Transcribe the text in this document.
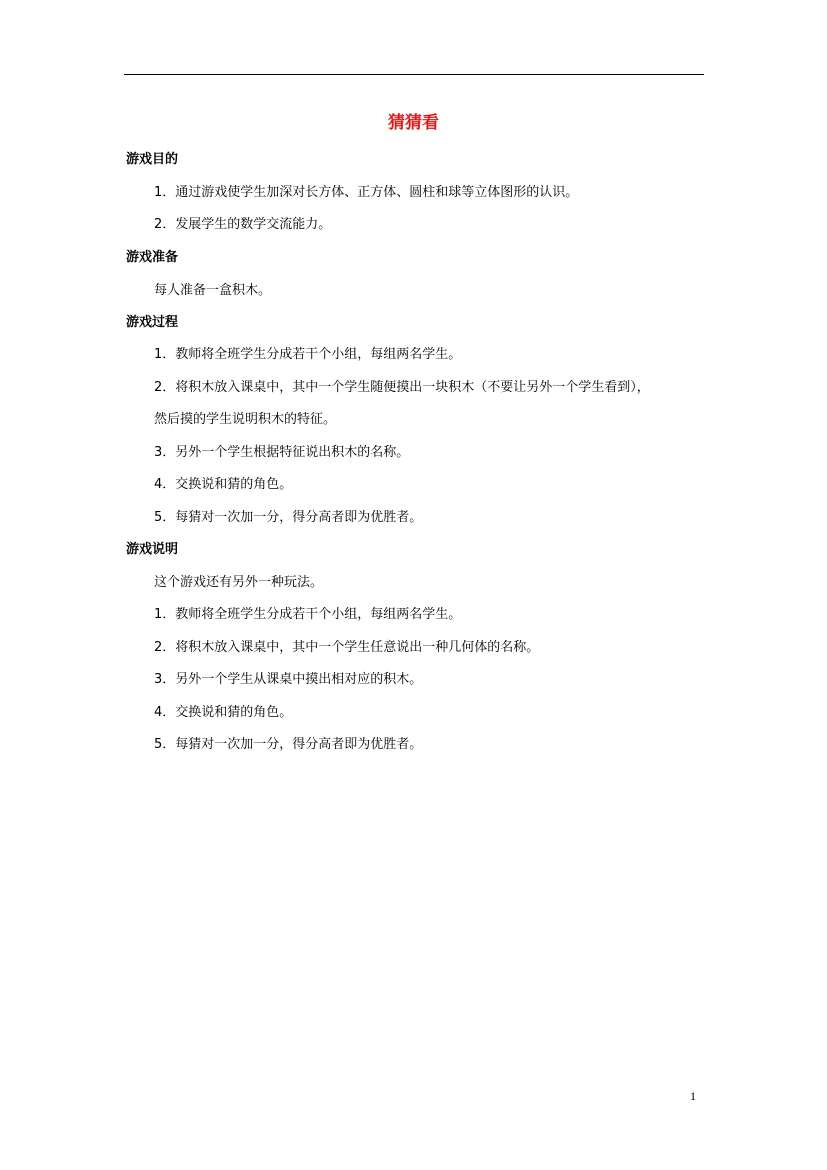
猜猜看
游戏目的
1．通过游戏使学生加深对长方体、正方体、圆柱和球等立体图形的认识。
2．发展学生的数学交流能力。
游戏准备
每人准备一盒积木。
游戏过程
1．教师将全班学生分成若干个小组，每组两名学生。
2．将积木放入课桌中，其中一个学生随便摸出一块积木（不要让另外一个学生看到），
然后摸的学生说明积木的特征。
3．另外一个学生根据特征说出积木的名称。
4．交换说和猜的角色。
5．每猜对一次加一分，得分高者即为优胜者。
游戏说明
这个游戏还有另外一种玩法。
1．教师将全班学生分成若干个小组，每组两名学生。
2．将积木放入课桌中，其中一个学生任意说出一种几何体的名称。
3．另外一个学生从课桌中摸出相对应的积木。
4．交换说和猜的角色。
5．每猜对一次加一分，得分高者即为优胜者。
1
